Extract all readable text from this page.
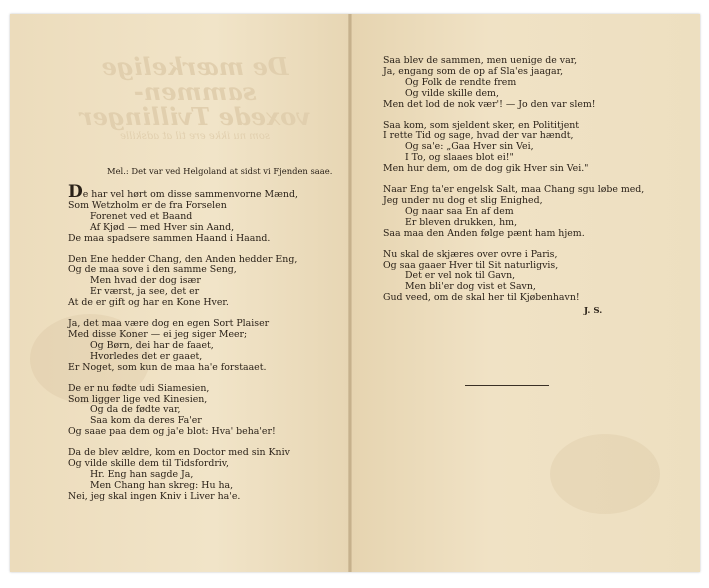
De mærkelige sammen-
voxede Tvillinger
som nu ikke ere til at adskille
Mel.: Det var ved Helgoland at sidst vi Fjenden saae.
De har vel hørt om disse sammenvorne Mænd,
Som Wetzholm er de fra Forselen
Forenet ved et Baand
Af Kjød — med Hver sin Aand,
De maa spadsere sammen Haand i Haand.
Den Ene hedder Chang, den Anden hedder Eng,
Og de maa sove i den samme Seng,
Men hvad der dog især
Er værst, ja see, det er
At de er gift og har en Kone Hver.
Ja, det maa være dog en egen Sort Plaiser
Med disse Koner — ei jeg siger Meer;
Og Børn, dei har de faaet,
Hvorledes det er gaaet,
Er Noget, som kun de maa ha'e forstaaet.
De er nu fødte udi Siamesien,
Som ligger lige ved Kinesien,
Og da de fødte var,
Saa kom da deres Fa'er
Og saae paa dem og ja'e blot: Hva' beha'er!
Da de blev ældre, kom en Doctor med sin Kniv
Og vilde skille dem til Tidsfordriv,
Hr. Eng han sagde Ja,
Men Chang han skreg: Hu ha,
Nei, jeg skal ingen Kniv i Liver ha'e.
Saa blev de sammen, men uenige de var,
Ja, engang som de op af Sla'es jaagar,
Og Folk de rendte frem
Og vilde skille dem,
Men det lod de nok vær'! — Jo den var slem!
Saa kom, som sjeldent sker, en Polititjent
I rette Tid og sage, hvad der var hændt,
Og sa'e: „Gaa Hver sin Vei,
I To, og slaaes blot ei!"
Men hur dem, om de dog gik Hver sin Vei."
Naar Eng ta'er engelsk Salt, maa Chang sgu løbe med,
Jeg under nu dog et slig Enighed,
Og naar saa En af dem
Er bleven drukken, hm,
Saa maa den Anden følge pænt ham hjem.
Nu skal de skjæres over ovre i Paris,
Og saa gaaer Hver til Sit naturligvis,
Det er vel nok til Gavn,
Men bli'er dog vist et Savn,
Gud veed, om de skal her til Kjøbenhavn!
J. S.
